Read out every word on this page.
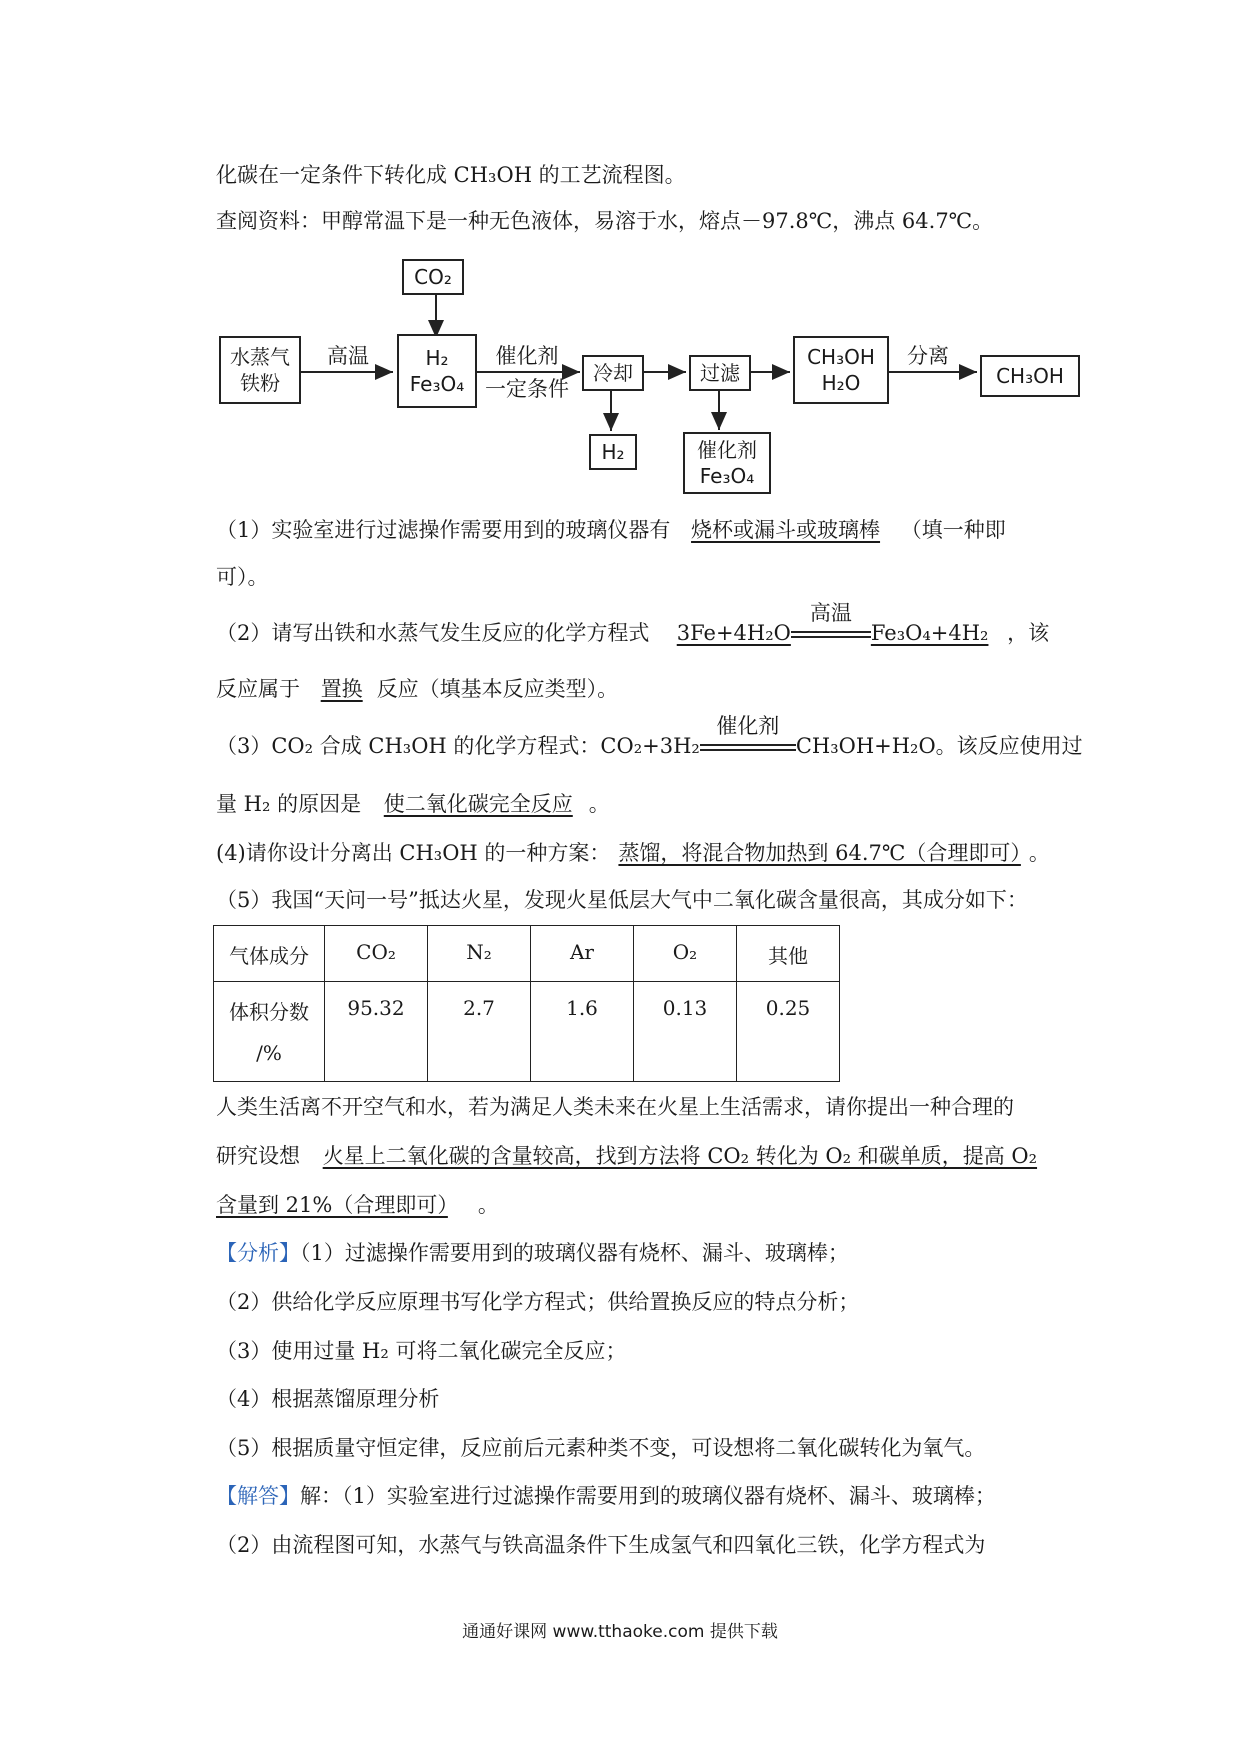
化碳在一定条件下转化成 CH₃OH 的工艺流程图。
查阅资料：甲醇常温下是一种无色液体，易溶于水，熔点－97.8℃，沸点 64.7℃。
CO₂
水蒸气
铁粉
高温	H₂
Fe₃O₄
催化剂
一定条件
冷却	过滤
CH₃OH
H₂O
分离
CH₃OH
H₂	催化剂
Fe₃O₄
（1）实验室进行过滤操作需要用到的玻璃仪器有 烧杯或漏斗或玻璃棒 （填一种即
可）。
（2）请写出铁和水蒸气发生反应的化学方程式 3Fe+4H₂O
高温
Fe₃O₄+4H₂ ，该
反应属于 置换 反应（填基本反应类型）。
（3）CO₂ 合成 CH₃OH 的化学方程式：CO₂+3H₂
催化剂
CH₃OH+H₂O。该反应使用过
量 H₂ 的原因是 使二氧化碳完全反应 。
(4)请你设计分离出 CH₃OH 的一种方案： 蒸馏，将混合物加热到 64.7℃（合理即可） 。
（5）我国“天问一号”抵达火星，发现火星低层大气中二氧化碳含量很高，其成分如下：
气体成分	CO₂	N₂	Ar	O₂	其他

体积分数
/%	95.32	2.7	1.6	0.13	0.25
人类生活离不开空气和水，若为满足人类未来在火星上生活需求，请你提出一种合理的
研究设想 火星上二氧化碳的含量较高，找到方法将 CO₂ 转化为 O₂ 和碳单质，提高 O₂
含量到 21%（合理即可） 。
【分析】（1）过滤操作需要用到的玻璃仪器有烧杯、漏斗、玻璃棒；
（2）供给化学反应原理书写化学方程式；供给置换反应的特点分析；
（3）使用过量 H₂ 可将二氧化碳完全反应；
（4）根据蒸馏原理分析
（5）根据质量守恒定律，反应前后元素种类不变，可设想将二氧化碳转化为氧气。
【解答】解：（1）实验室进行过滤操作需要用到的玻璃仪器有烧杯、漏斗、玻璃棒；
（2）由流程图可知，水蒸气与铁高温条件下生成氢气和四氧化三铁，化学方程式为
通通好课网 www.tthaoke.com 提供下载
